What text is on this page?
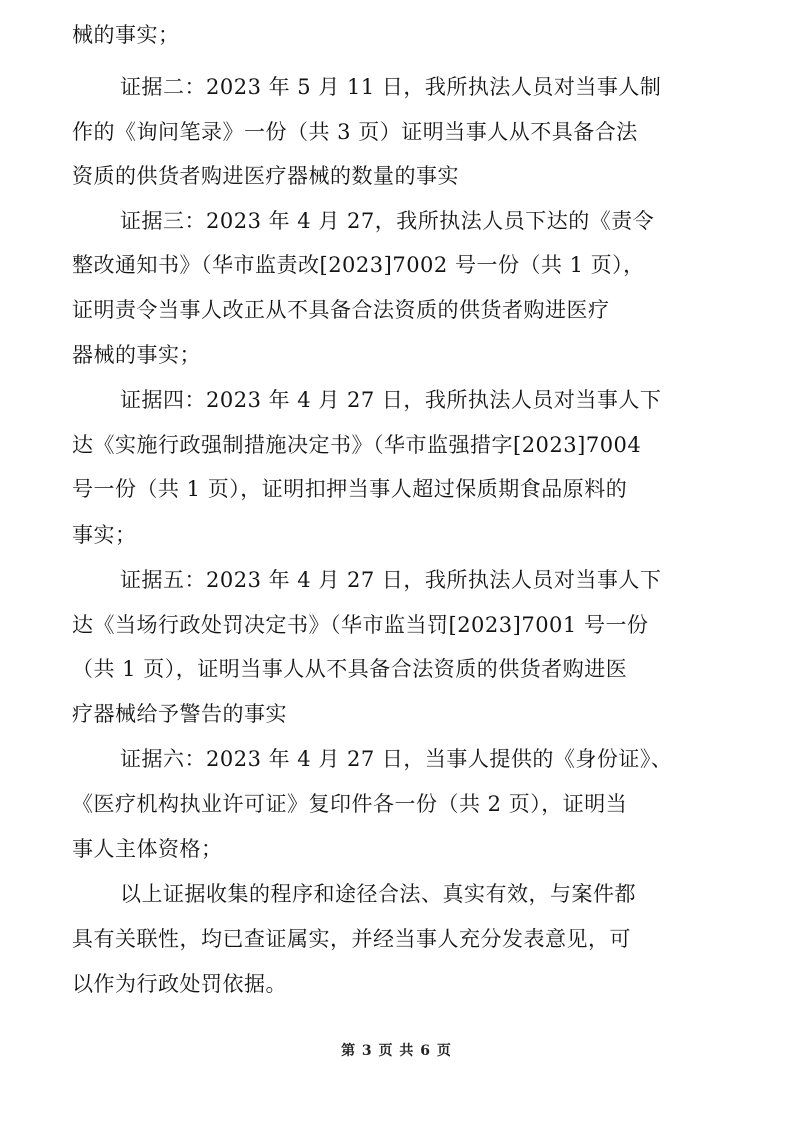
械的事实；
证据二：2023 年 5 月 11 日，我所执法人员对当事人制
作的《询问笔录》一份（共 3 页）证明当事人从不具备合法
资质的供货者购进医疗器械的数量的事实
证据三：2023 年 4 月 27，我所执法人员下达的《责令
整改通知书》（华市监责改[2023]7002 号一份（共 1 页），
证明责令当事人改正从不具备合法资质的供货者购进医疗
器械的事实；
证据四：2023 年 4 月 27 日，我所执法人员对当事人下
达《实施行政强制措施决定书》（华市监强措字[2023]7004
号一份（共 1 页），证明扣押当事人超过保质期食品原料的
事实；
证据五：2023 年 4 月 27 日，我所执法人员对当事人下
达《当场行政处罚决定书》（华市监当罚[2023]7001 号一份
（共 1 页），证明当事人从不具备合法资质的供货者购进医
疗器械给予警告的事实
证据六：2023 年 4 月 27 日，当事人提供的《身份证》、
《医疗机构执业许可证》复印件各一份（共 2 页），证明当
事人主体资格；
以上证据收集的程序和途径合法、真实有效，与案件都
具有关联性，均已查证属实，并经当事人充分发表意见，可
以作为行政处罚依据。
第 3 页 共 6 页
